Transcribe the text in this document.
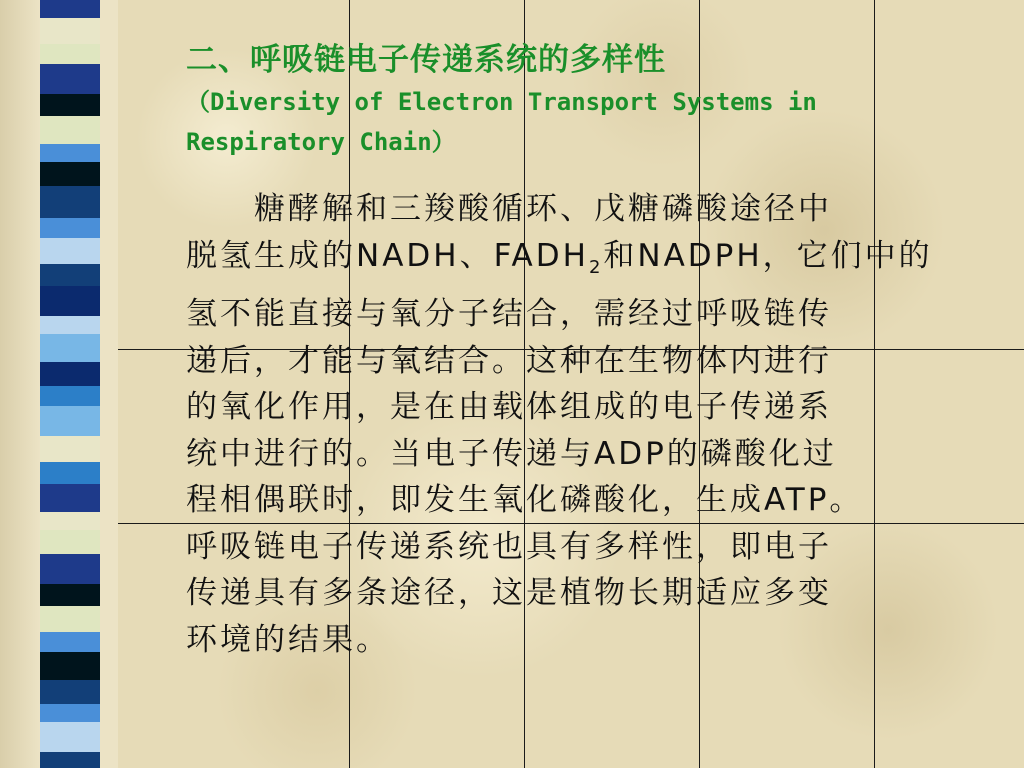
二、呼吸链电子传递系统的多样性

（Diversity of Electron Transport Systems in Respiratory Chain）

　　糖酵解和三羧酸循环、戊糖磷酸途径中
脱氢生成的NADH、$FADH_2$和NADPH，它们中的
氢不能直接与氧分子结合，需经过呼吸链传
递后，才能与氧结合。这种在生物体内进行
的氧化作用，是在由载体组成的电子传递系
统中进行的。当电子传递与ADP的磷酸化过
程相偶联时，即发生氧化磷酸化，生成ATP。
呼吸链电子传递系统也具有多样性，即电子
传递具有多条途径，这是植物长期适应多变
环境的结果。
